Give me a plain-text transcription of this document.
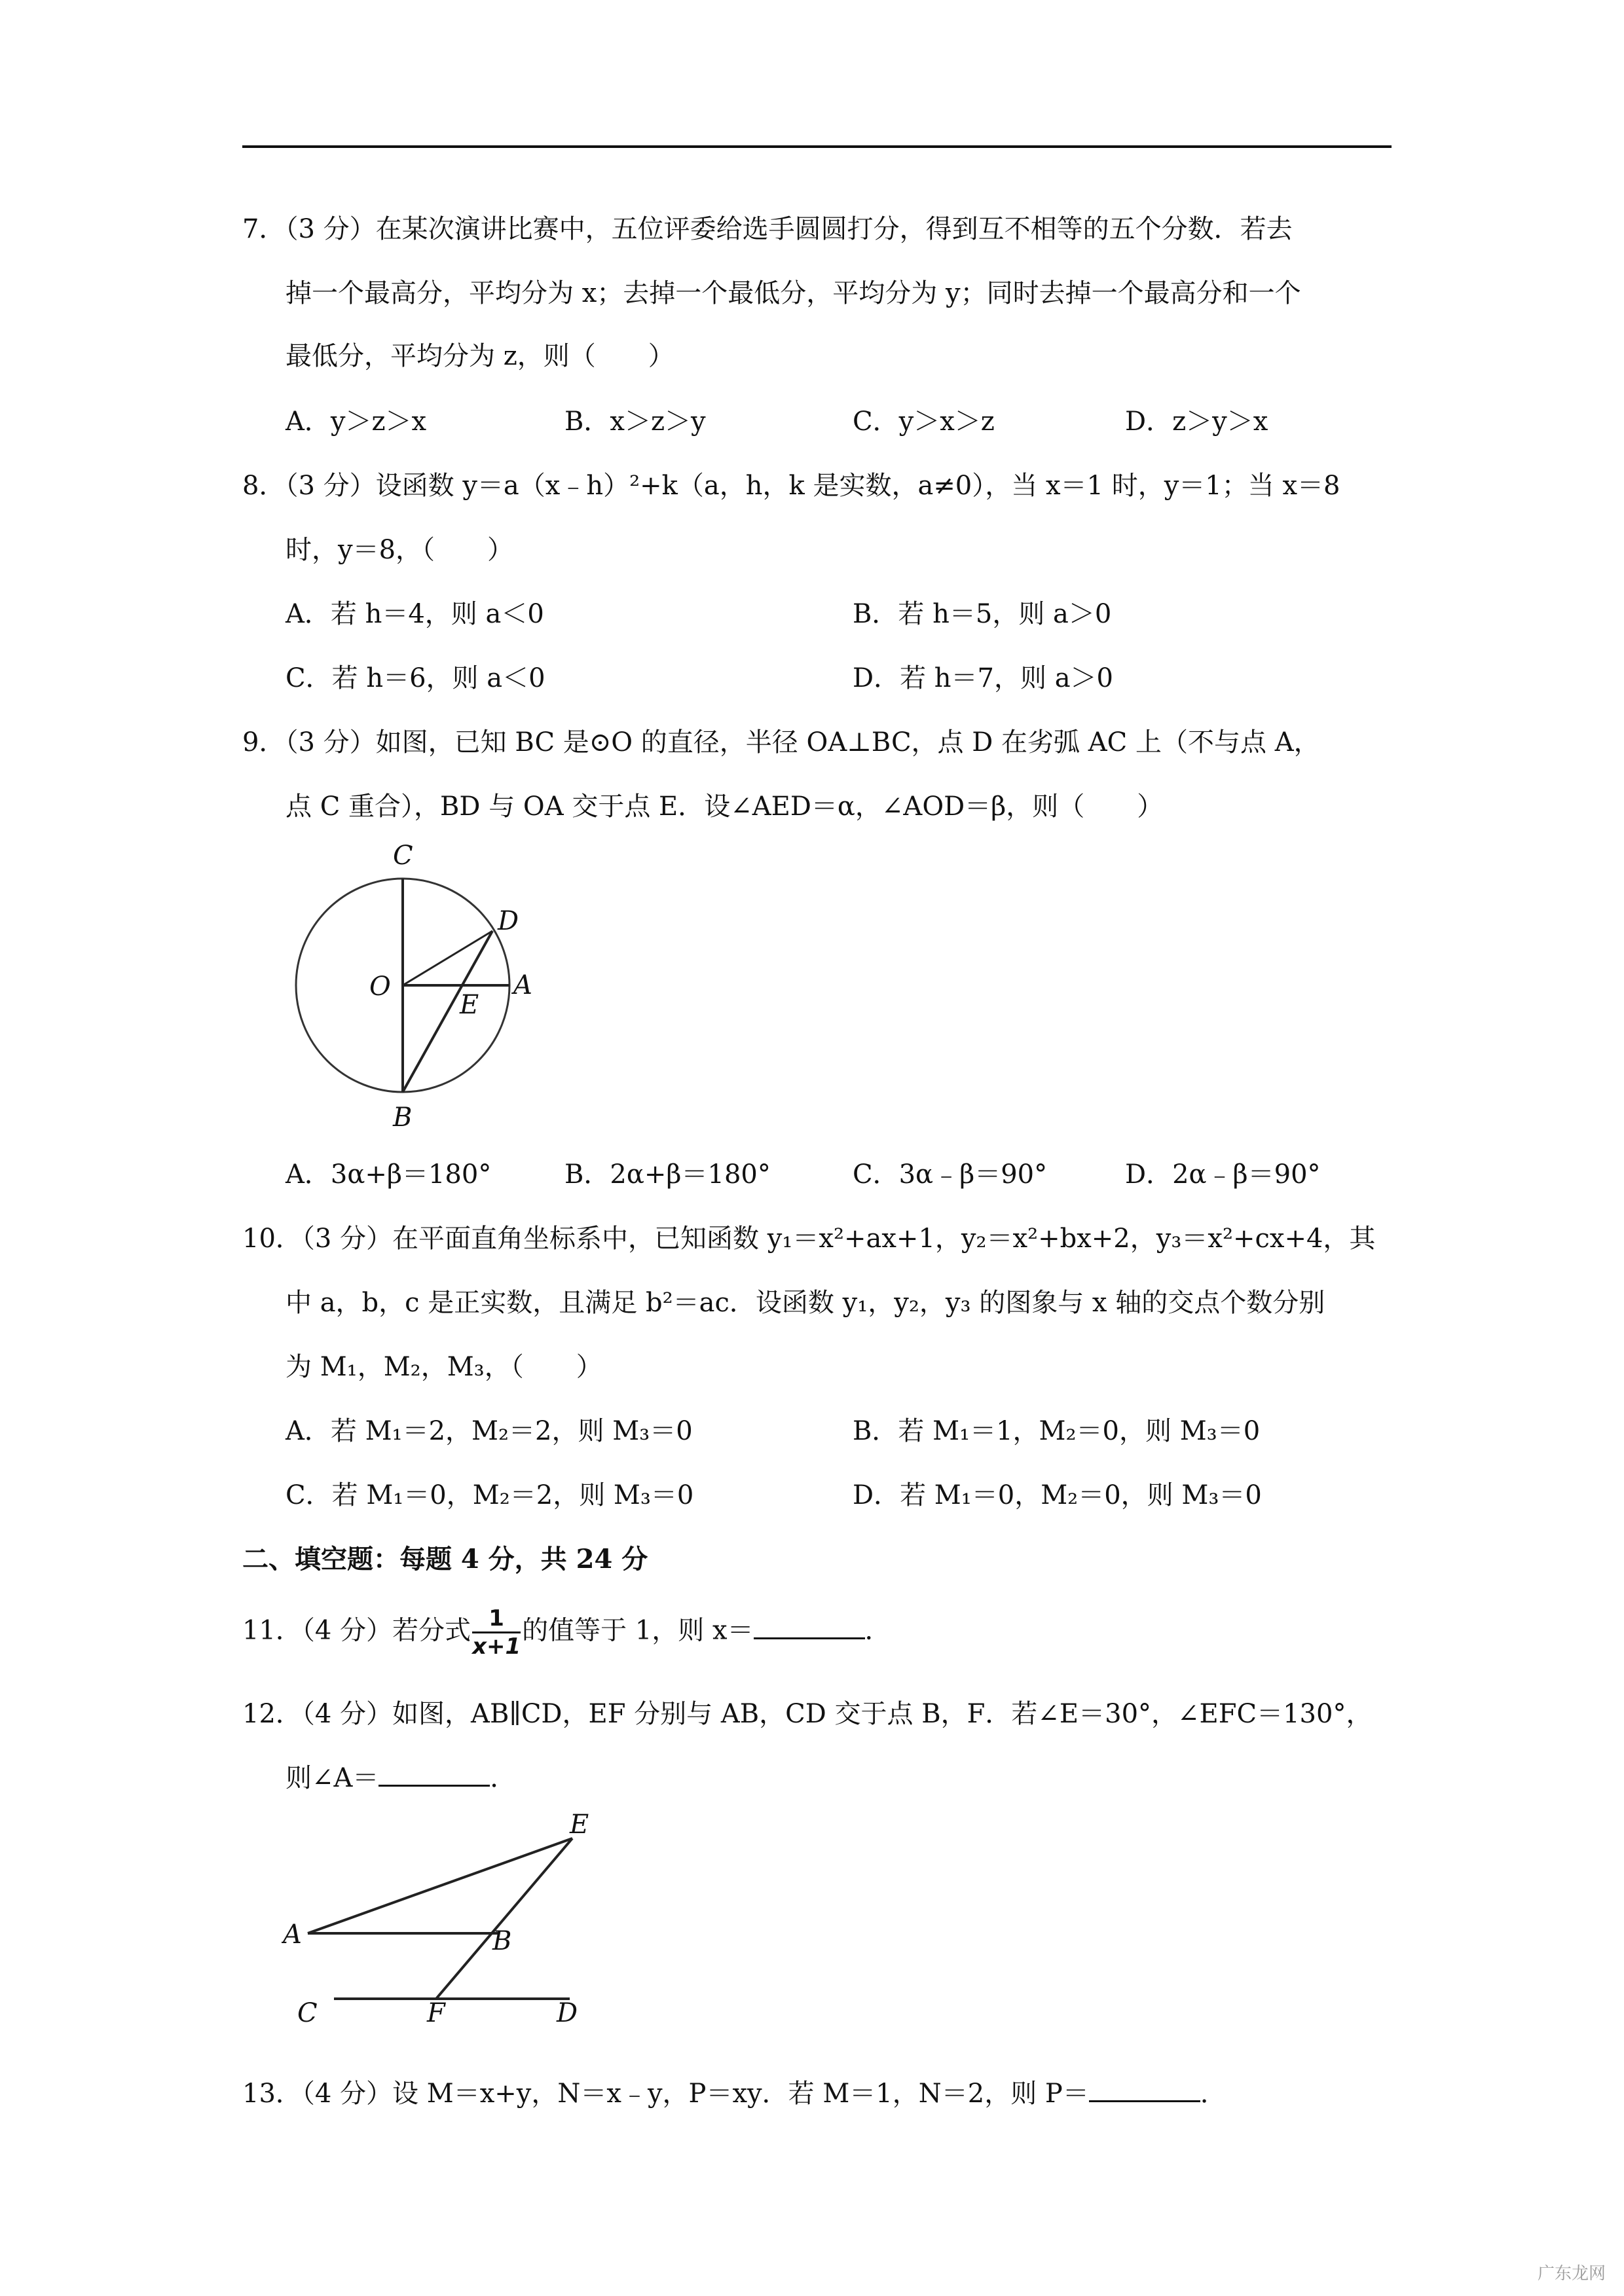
7．（3 分）在某次演讲比赛中，五位评委给选手圆圆打分，得到互不相等的五个分数．若去
掉一个最高分，平均分为 x；去掉一个最低分，平均分为 y；同时去掉一个最高分和一个
最低分，平均分为 z，则（　　）
A．y＞z＞x	B．x＞z＞y	C．y＞x＞z	D．z＞y＞x
8．（3 分）设函数 y＝a（x﹣h）²+k（a，h，k 是实数，a≠0），当 x＝1 时，y＝1；当 x＝8
时，y＝8，（　　）
A．若 h＝4，则 a＜0	B．若 h＝5，则 a＞0
C．若 h＝6，则 a＜0	D．若 h＝7，则 a＞0
9．（3 分）如图，已知 BC 是⊙O 的直径，半径 OA⊥BC，点 D 在劣弧 AC 上（不与点 A，
点 C 重合），BD 与 OA 交于点 E．设∠AED＝α，∠AOD＝β，则（　　）
C
D
O
E
A
B
A．3α+β＝180°	B．2α+β＝180°	C．3α﹣β＝90°	D．2α﹣β＝90°
10．（3 分）在平面直角坐标系中，已知函数 y₁＝x²+ax+1，y₂＝x²+bx+2，y₃＝x²+cx+4，其
中 a，b，c 是正实数，且满足 b²＝ac．设函数 y₁，y₂，y₃ 的图象与 x 轴的交点个数分别
为 M₁，M₂，M₃，（　　）
A．若 M₁＝2，M₂＝2，则 M₃＝0	B．若 M₁＝1，M₂＝0，则 M₃＝0
C．若 M₁＝0，M₂＝2，则 M₃＝0	D．若 M₁＝0，M₂＝0，则 M₃＝0
二、填空题：每题 4 分，共 24 分
11．（4 分）若分式 $\frac{1}{x+1}$ 的值等于 1，则 x＝	．
12．（4 分）如图，AB∥CD，EF 分别与 AB，CD 交于点 B，F．若∠E＝30°，∠EFC＝130°，
则∠A＝	．
E
A	B
C	F	D
13．（4 分）设 M＝x+y，N＝x﹣y，P＝xy．若 M＝1，N＝2，则 P＝	．
广东龙网
